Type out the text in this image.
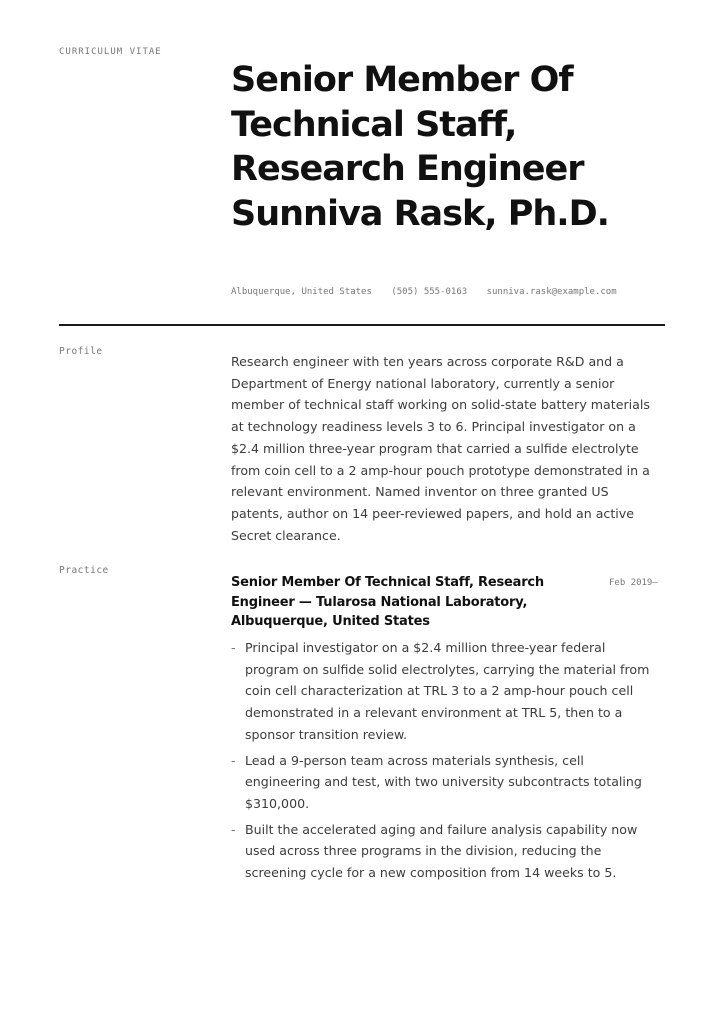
CURRICULUM VITAE
Senior Member Of Technical Staff, Research Engineer Sunniva Rask, Ph.D.
Albuquerque, United States (505) 555-0163 sunniva.rask@example.com
Profile

Research engineer with ten years across corporate R&D and a Department of Energy national laboratory, currently a senior member of technical staff working on solid-state battery materials at technology readiness levels 3 to 6. Principal investigator on a $2.4 million three-year program that carried a sulfide electrolyte from coin cell to a 2 amp-hour pouch prototype demonstrated in a relevant environment. Named inventor on three granted US patents, author on 14 peer-reviewed papers, and hold an active Secret clearance.

Practice
Senior Member Of Technical Staff, Research Engineer — Tularosa National Laboratory, Albuquerque, United States
Feb 2019–
- Principal investigator on a $2.4 million three-year federal program on sulfide solid electrolytes, carrying the material from coin cell characterization at TRL 3 to a 2 amp-hour pouch cell demonstrated in a relevant environment at TRL 5, then to a sponsor transition review.
- Lead a 9-person team across materials synthesis, cell engineering and test, with two university subcontracts totaling $310,000.
- Built the accelerated aging and failure analysis capability now used across three programs in the division, reducing the screening cycle for a new composition from 14 weeks to 5.
